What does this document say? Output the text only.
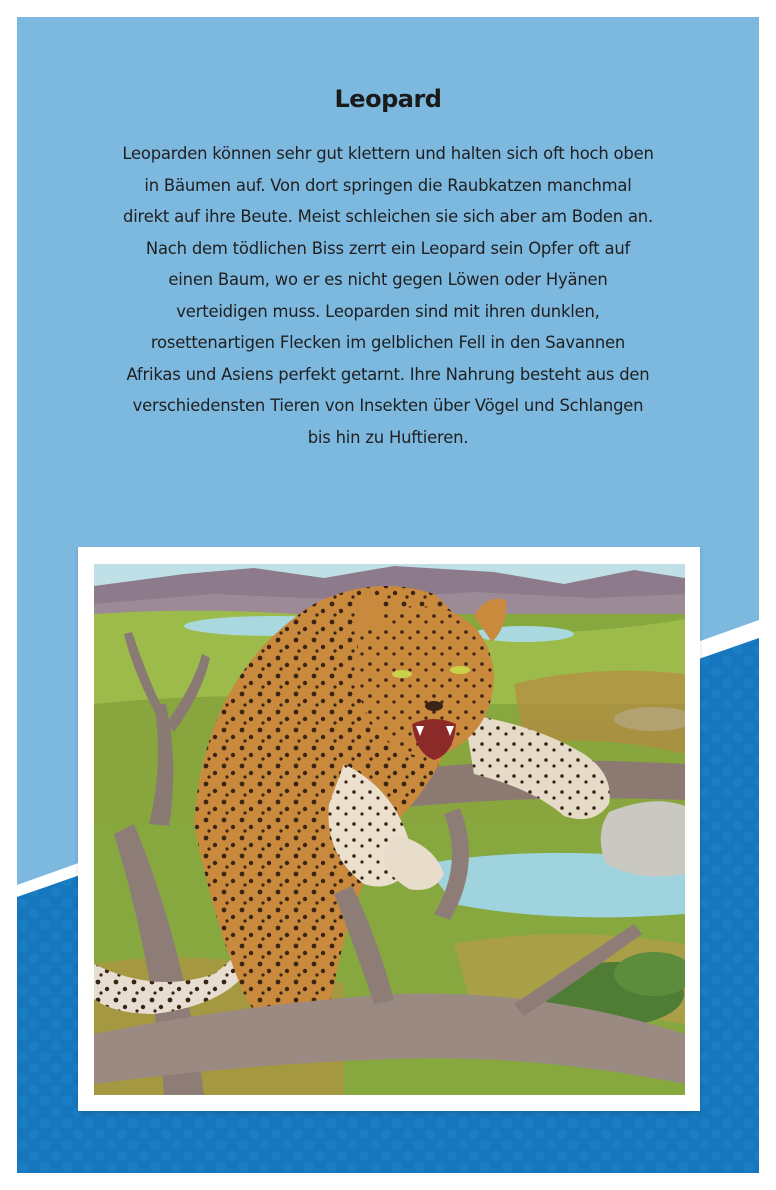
Leopard
Leoparden können sehr gut klettern und halten sich oft hoch oben in Bäumen auf. Von dort springen die Raubkatzen manchmal direkt auf ihre Beute. Meist schleichen sie sich aber am Boden an. Nach dem tödlichen Biss zerrt ein Leopard sein Opfer oft auf einen Baum, wo er es nicht gegen Löwen oder Hyänen verteidigen muss. Leoparden sind mit ihren dunklen, rosettenartigen Flecken im gelblichen Fell in den Savannen Afrikas und Asiens perfekt getarnt. Ihre Nahrung besteht aus den verschiedensten Tieren von Insekten über Vögel und Schlangen bis hin zu Huftieren.
